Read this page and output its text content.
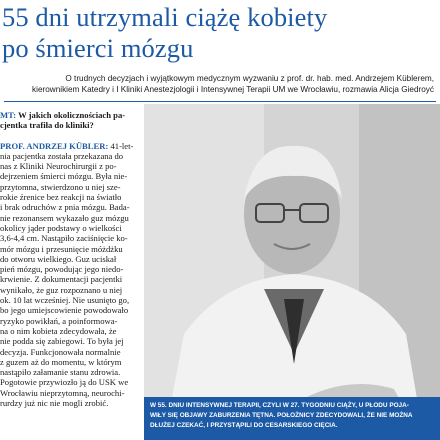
55 dni utrzymali ciążę kobiety
po śmierci mózgu
O trudnych decyzjach i wyjątkowym medycznym wyzwaniu z prof. dr. hab. med. Andrzejem Küblerem,
kierownikiem Katedry i I Kliniki Anestezjologii i Intensywnej Terapii UM we Wrocławiu, rozmawia Alicja Giedroyć

MT: W jakich okolicznościach pa-
cjentka trafiła do kliniki?

PROF. ANDRZEJ KÜBLER: 41-let-
nia pacjentka została przekazana do
nas z Kliniki Neurochirurgii z po-
dejrzeniem śmierci mózgu. Była nie-
przytomna, stwierdzono u niej sze-
rokie źrenice bez reakcji na światło
i brak odruchów z pnia mózgu. Bada-
nie rezonansem wykazało guz mózgu
okolicy jąder podstawy o wielkości
3,6-4,4 cm. Nastąpiło zaciśnięcie ko-
mór mózgu i przesunięcie móżdżku
do otworu wielkiego. Guz uciskał
pień mózgu, powodując jego niedo-
krwienie. Z dokumentacji pacjentki
wynikało, że guz rozpoznano u niej
ok. 10 lat wcześniej. Nie usunięto go,
bo jego umiejscowienie powodowało
ryzyko powikłań, a poinformowa-
na o nim kobieta zdecydowała, że
nie podda się zabiegowi. To była jej
decyzja. Funkcjonowała normalnie
z guzem aż do momentu, w którym
nastąpiło załamanie stanu zdrowia.
Pogotowie przywiozło ją do USK we
Wrocławiu nieprzytomną, neurochi-
rurdzy już nic nie mogli zrobić.	W 55. DNIU INTENSYWNEJ TERAPII, CZYLI W 27. TYGODNIU CIĄŻY, U PŁODU POJA-
WIŁY SIĘ OBJAWY ZABURZENIA TĘTNA. POŁOŻNICY ZDECYDOWALI, ŻE NIE MOŻNA
DŁUŻEJ CZEKAĆ, I PRZYSTĄPILI DO CESARSKIEGO CIĘCIA.
